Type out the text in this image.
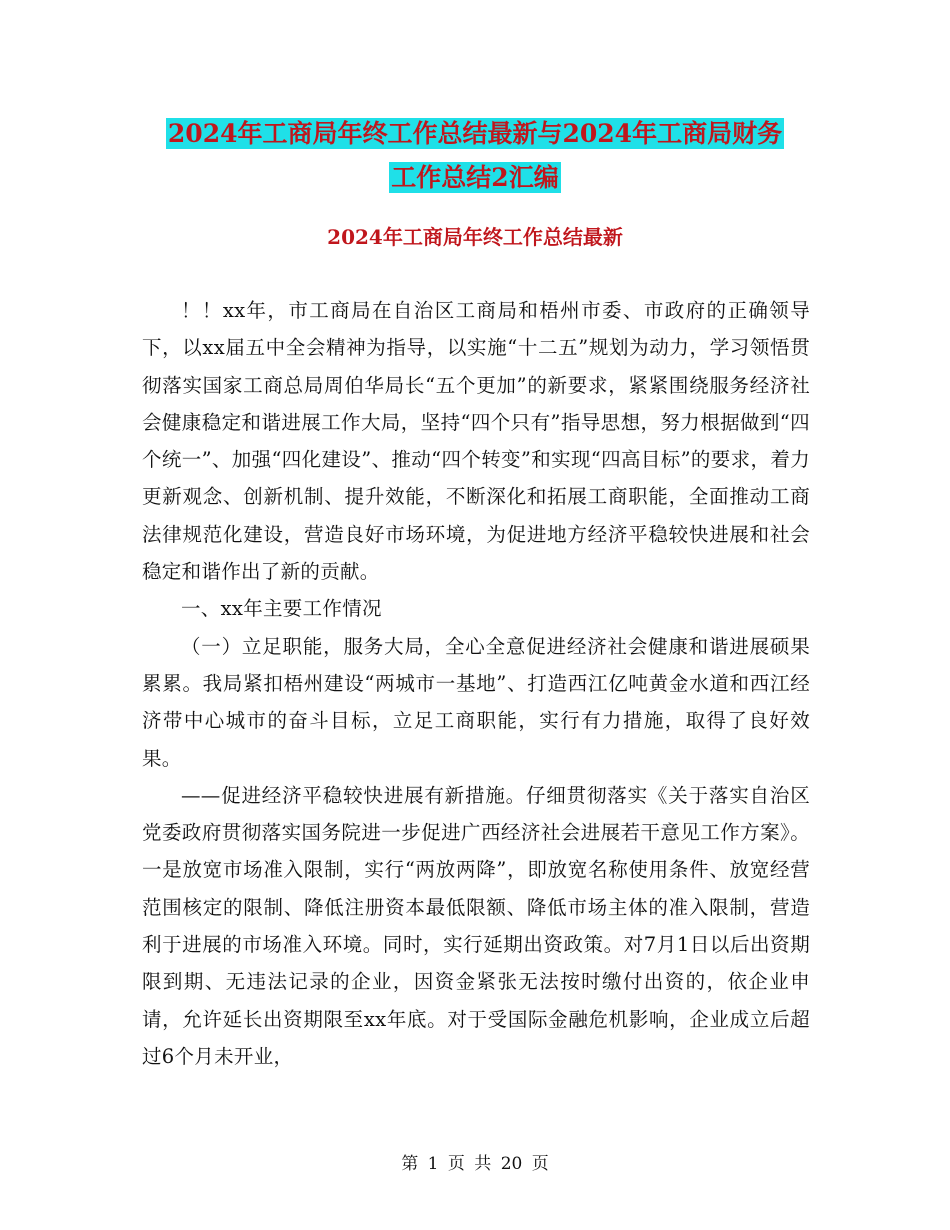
2024年工商局年终工作总结最新与2024年工商局财务
工作总结2汇编
2024年工商局年终工作总结最新

！！xx年，市工商局在自治区工商局和梧州市委、市政府的正确领导下，以xx届五中全会精神为指导，以实施“十二五”规划为动力，学习领悟贯彻落实国家工商总局周伯华局长“五个更加”的新要求，紧紧围绕服务经济社会健康稳定和谐进展工作大局，坚持“四个只有”指导思想，努力根据做到“四个统一”、加强“四化建设”、推动“四个转变”和实现“四高目标”的要求，着力更新观念、创新机制、提升效能，不断深化和拓展工商职能，全面推动工商法律规范化建设，营造良好市场环境，为促进地方经济平稳较快进展和社会稳定和谐作出了新的贡献。

一、xx年主要工作情况

（一）立足职能，服务大局，全心全意促进经济社会健康和谐进展硕果累累。我局紧扣梧州建设“两城市一基地”、打造西江亿吨黄金水道和西江经济带中心城市的奋斗目标，立足工商职能，实行有力措施，取得了良好效果。

——促进经济平稳较快进展有新措施。仔细贯彻落实《关于落实自治区党委政府贯彻落实国务院进一步促进广西经济社会进展若干意见工作方案》。一是放宽市场准入限制，实行“两放两降”，即放宽名称使用条件、放宽经营范围核定的限制、降低注册资本最低限额、降低市场主体的准入限制，营造利于进展的市场准入环境。同时，实行延期出资政策。对7月1日以后出资期限到期、无违法记录的企业，因资金紧张无法按时缴付出资的，依企业申请，允许延长出资期限至xx年底。对于受国际金融危机影响，企业成立后超过6个月未开业，

第 1 页 共 20 页
